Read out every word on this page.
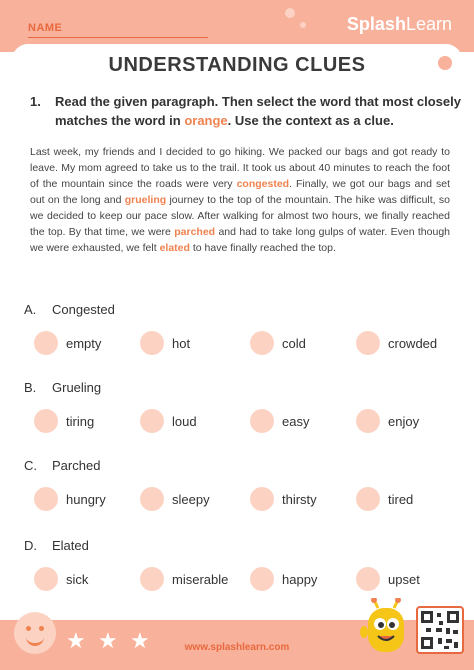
NAME	SplashLearn
UNDERSTANDING CLUES
1. Read the given paragraph. Then select the word that most closely matches the word in orange. Use the context as a clue.
Last week, my friends and I decided to go hiking. We packed our bags and got ready to leave. My mom agreed to take us to the trail. It took us about 40 minutes to reach the foot of the mountain since the roads were very congested. Finally, we got our bags and set out on the long and grueling journey to the top of the mountain. The hike was difficult, so we decided to keep our pace slow. After walking for almost two hours, we finally reached the top. By that time, we were parched and had to take long gulps of water. Even though we were exhausted, we felt elated to have finally reached the top.
A. Congested
empty	hot	cold	crowded
B. Grueling
tiring	loud	easy	enjoy
C. Parched
hungry	sleepy	thirsty	tired
D. Elated
sick	miserable	happy	upset
★ ★ ★	www.splashlearn.com
